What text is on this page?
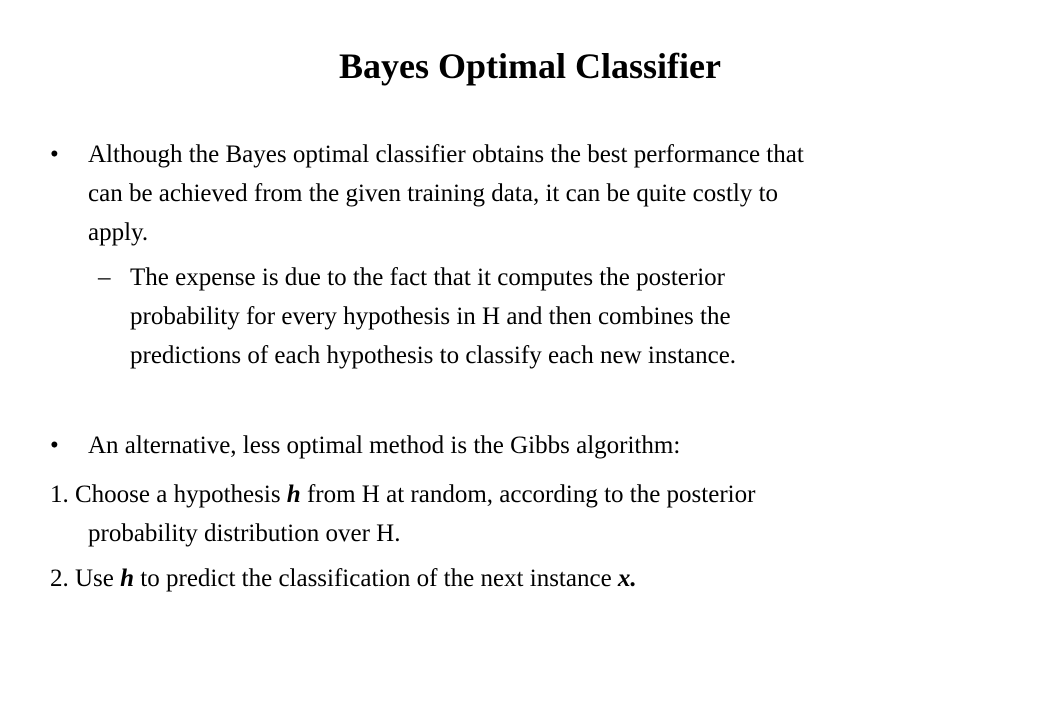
Bayes Optimal Classifier
• Although the Bayes optimal classifier obtains the best performance that
can be achieved from the given training data, it can be quite costly to
apply.
– The expense is due to the fact that it computes the posterior
probability for every hypothesis in H and then combines the
predictions of each hypothesis to classify each new instance.
• An alternative, less optimal method is the Gibbs algorithm:
1. Choose a hypothesis h from H at random, according to the posterior
probability distribution over H.
2. Use h to predict the classification of the next instance x.
